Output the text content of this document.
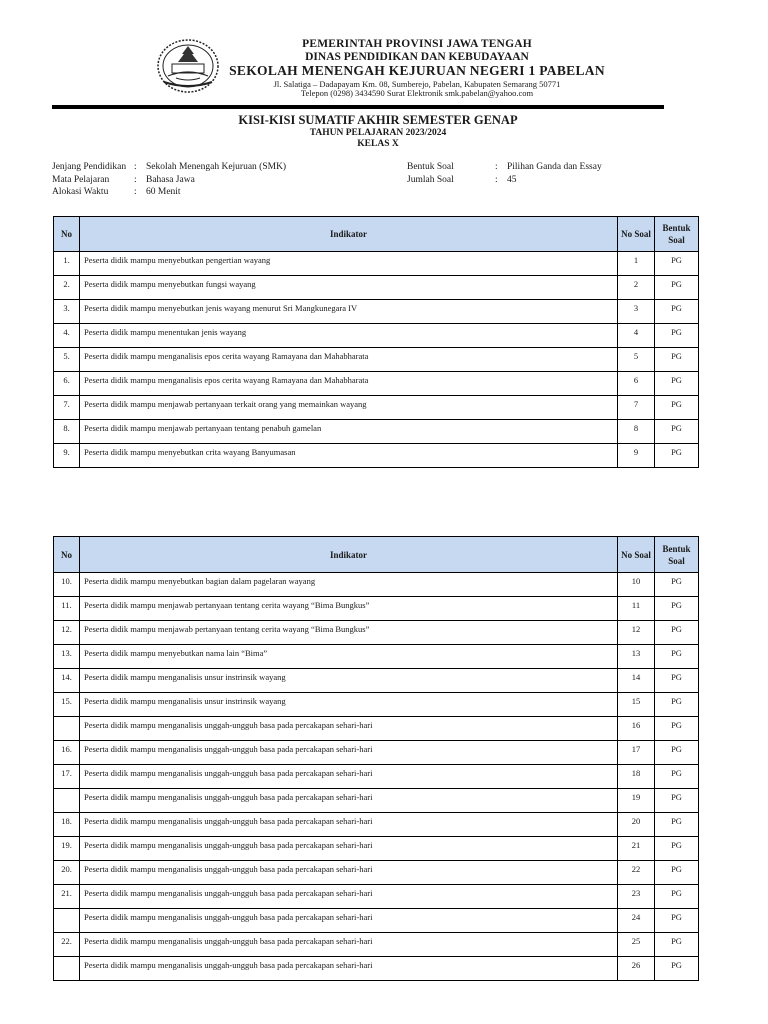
PEMERINTAH PROVINSI JAWA TENGAH
DINAS PENDIDIKAN DAN KEBUDAYAAN
SEKOLAH MENENGAH KEJURUAN NEGERI 1 PABELAN
Jl. Salatiga – Dadapayam Km. 08, Sumberejo, Pabelan, Kabupaten Semarang 50771
Telepon (0298) 3434590 Surat Elektronik smk.pabelan@yahoo.com
KISI-KISI SUMATIF AKHIR SEMESTER GENAP
TAHUN PELAJARAN 2023/2024
KELAS X
Jenjang Pendidikan : Sekolah Menengah Kejuruan (SMK)
Mata Pelajaran	: Bahasa Jawa
Alokasi Waktu	: 60 Menit
Bentuk Soal	: Pilihan Ganda dan Essay
Jumlah Soal	: 45
No	Indikator	No Soal	Bentuk Soal
1.	Peserta didik mampu menyebutkan pengertian wayang	1	PG
2.	Peserta didik mampu menyebutkan fungsi wayang	2	PG
3.	Peserta didik mampu menyebutkan jenis wayang menurut Sri Mangkunegara IV	3	PG
4.	Peserta didik mampu menentukan jenis wayang	4	PG
5.	Peserta didik mampu menganalisis epos cerita wayang Ramayana dan Mahabharata	5	PG
6.	Peserta didik mampu menganalisis epos cerita wayang Ramayana dan Mahabharata	6	PG
7.	Peserta didik mampu menjawab pertanyaan terkait orang yang memainkan wayang	7	PG
8.	Peserta didik mampu menjawab pertanyaan tentang penabuh gamelan	8	PG
9.	Peserta didik mampu menyebutkan crita wayang Banyumasan	9	PG
No	Indikator	No Soal	Bentuk Soal
10.	Peserta didik mampu menyebutkan bagian dalam pagelaran wayang	10	PG
11.	Peserta didik mampu menjawab pertanyaan tentang cerita wayang “Bima Bungkus”	11	PG
12.	Peserta didik mampu menjawab pertanyaan tentang cerita wayang “Bima Bungkus”	12	PG
13.	Peserta didik mampu menyebutkan nama lain “Bima”	13	PG
14.	Peserta didik mampu menganalisis unsur instrinsik wayang	14	PG
15.	Peserta didik mampu menganalisis unsur instrinsik wayang	15	PG
	Peserta didik mampu menganalisis unggah-ungguh basa pada percakapan sehari-hari	16	PG
16.	Peserta didik mampu menganalisis unggah-ungguh basa pada percakapan sehari-hari	17	PG
17.	Peserta didik mampu menganalisis unggah-ungguh basa pada percakapan sehari-hari	18	PG
	Peserta didik mampu menganalisis unggah-ungguh basa pada percakapan sehari-hari	19	PG
18.	Peserta didik mampu menganalisis unggah-ungguh basa pada percakapan sehari-hari	20	PG
19.	Peserta didik mampu menganalisis unggah-ungguh basa pada percakapan sehari-hari	21	PG
20.	Peserta didik mampu menganalisis unggah-ungguh basa pada percakapan sehari-hari	22	PG
21.	Peserta didik mampu menganalisis unggah-ungguh basa pada percakapan sehari-hari	23	PG
	Peserta didik mampu menganalisis unggah-ungguh basa pada percakapan sehari-hari	24	PG
22.	Peserta didik mampu menganalisis unggah-ungguh basa pada percakapan sehari-hari	25	PG
	Peserta didik mampu menganalisis unggah-ungguh basa pada percakapan sehari-hari	26	PG
